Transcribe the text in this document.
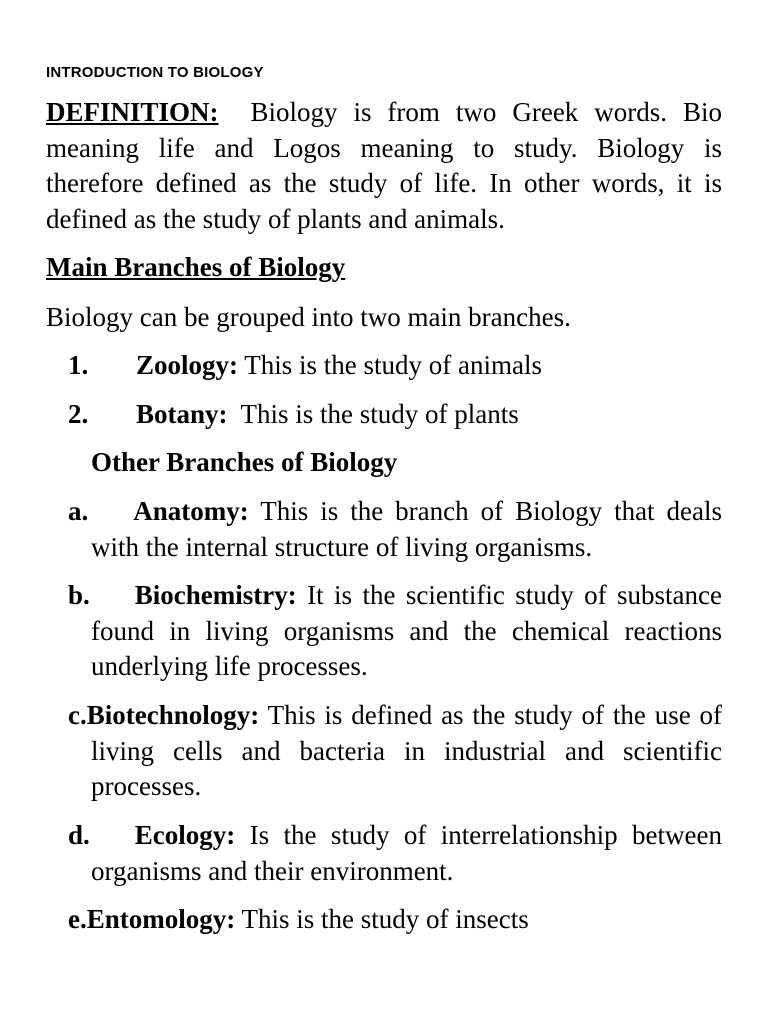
INTRODUCTION TO BIOLOGY
DEFINITION: Biology is from two Greek words. Bio meaning life and Logos meaning to study. Biology is therefore defined as the study of life. In other words, it is defined as the study of plants and animals.
Main Branches of Biology
Biology can be grouped into two main branches.
1. Zoology: This is the study of animals
2. Botany: This is the study of plants
Other Branches of Biology
a. Anatomy: This is the branch of Biology that deals with the internal structure of living organisms.
b. Biochemistry: It is the scientific study of substance found in living organisms and the chemical reactions underlying life processes.
c.Biotechnology: This is defined as the study of the use of living cells and bacteria in industrial and scientific processes.
d. Ecology: Is the study of interrelationship between organisms and their environment.
e.Entomology: This is the study of insects
